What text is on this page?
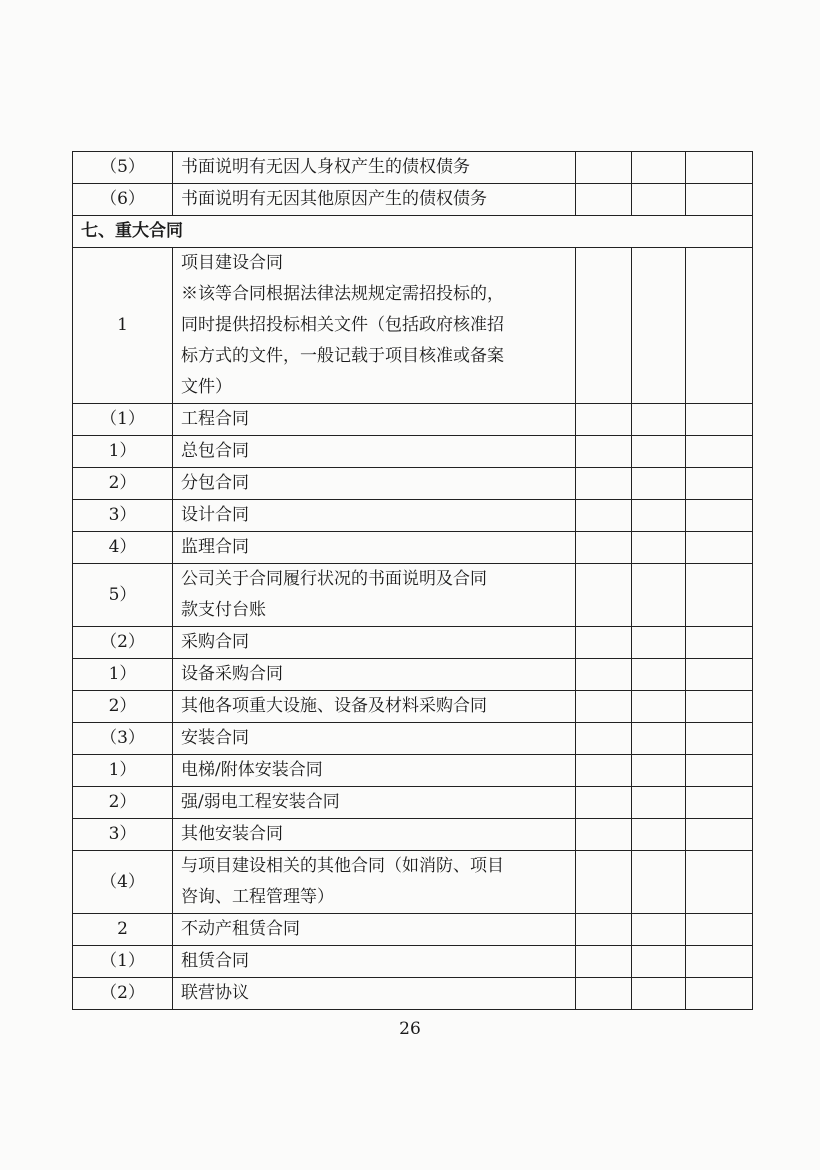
（5）	书面说明有无因人身权产生的债权债务			
（6）	书面说明有无因其他原因产生的债权债务			
七、重大合同				
1	项目建设合同
※该等合同根据法律法规规定需招投标的，
同时提供招投标相关文件（包括政府核准招
标方式的文件，一般记载于项目核准或备案
文件）			

（1）	工程合同			
1）	总包合同			
2）	分包合同			
3）	设计合同			
4）	监理合同			
5）	公司关于合同履行状况的书面说明及合同
款支付台账			

（2）	采购合同			
1）	设备采购合同			
2）	其他各项重大设施、设备及材料采购合同			
（3）	安装合同			
1）	电梯/附体安装合同			
2）	强/弱电工程安装合同			
3）	其他安装合同			
（4）	与项目建设相关的其他合同（如消防、项目
咨询、工程管理等）			

2	不动产租赁合同			
（1）	租赁合同			
（2）	联营协议			
26
